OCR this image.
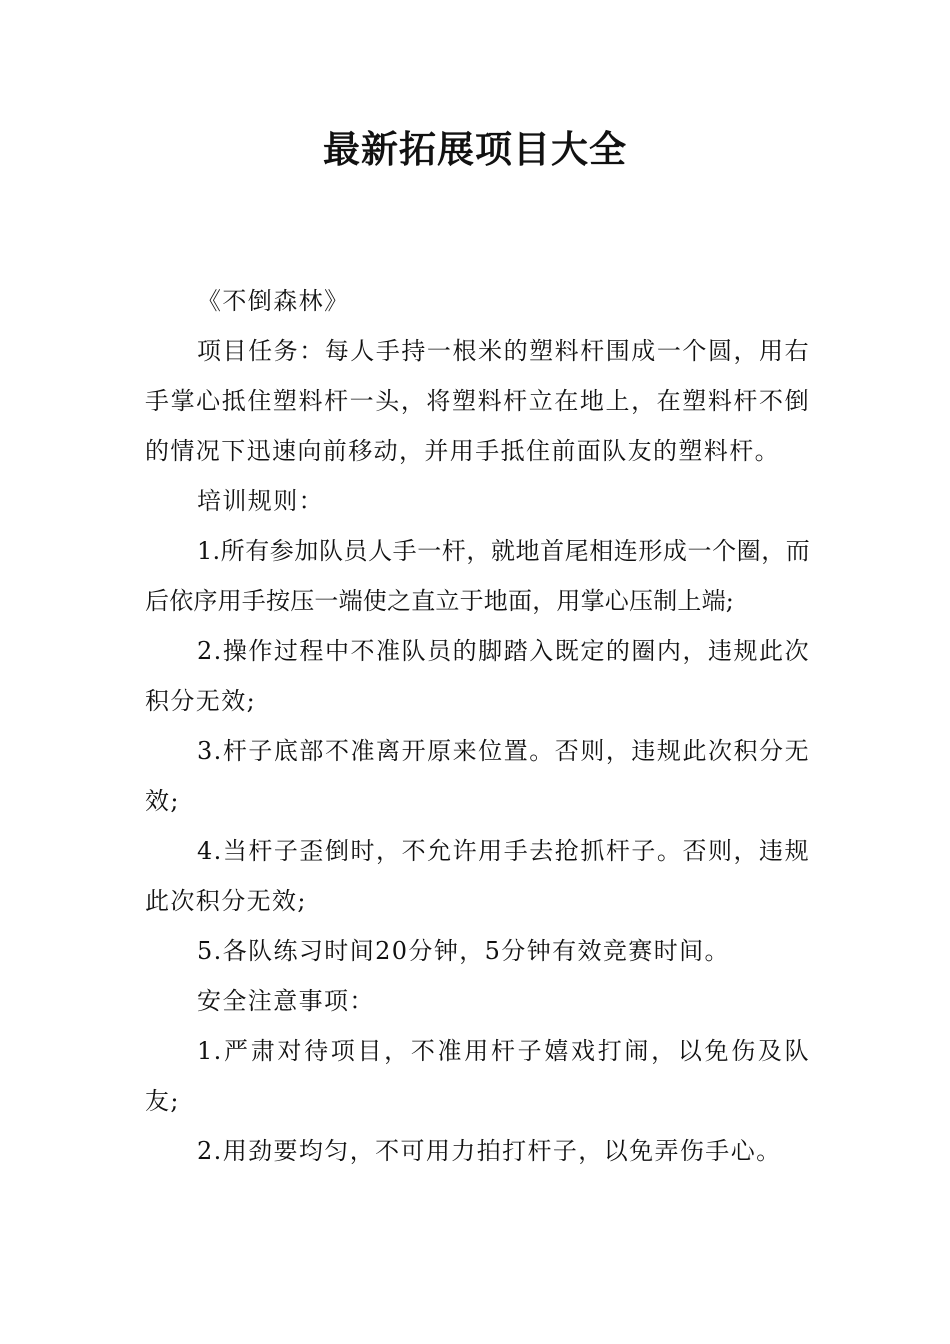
最新拓展项目大全

《不倒森林》

项目任务：每人手持一根米的塑料杆围成一个圆，用右手掌心抵住塑料杆一头，将塑料杆立在地上，在塑料杆不倒的情况下迅速向前移动，并用手抵住前面队友的塑料杆。

培训规则：

1.所有参加队员人手一杆，就地首尾相连形成一个圈，而后依序用手按压一端使之直立于地面，用掌心压制上端;

2.操作过程中不准队员的脚踏入既定的圈内，违规此次积分无效;

3.杆子底部不准离开原来位置。否则，违规此次积分无效;

4.当杆子歪倒时，不允许用手去抢抓杆子。否则，违规此次积分无效;

5.各队练习时间20分钟，5分钟有效竞赛时间。

安全注意事项：

1.严肃对待项目，不准用杆子嬉戏打闹，以免伤及队友;

2.用劲要均匀，不可用力拍打杆子，以免弄伤手心。
